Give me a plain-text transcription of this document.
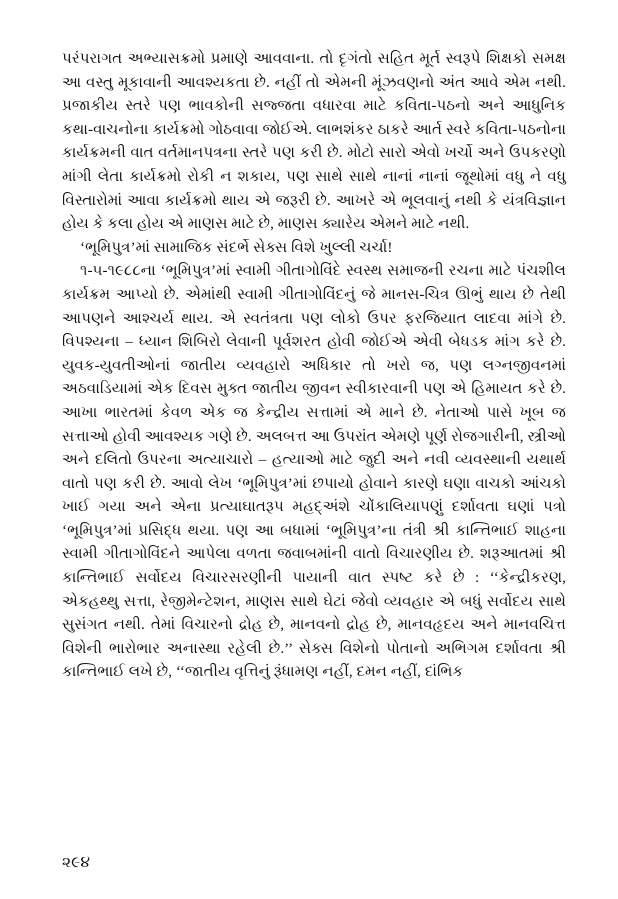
પરંપરાગત અભ્યાસક્રમો પ્રમાણે આવવાના. તો દૃગંતો સહિત મૂર્ત સ્વરૂપે શિક્ષકો સમક્ષ આ વસ્તુ મૂકાવાની આવશ્યકતા છે. નહીં તો એમની મૂંઝવણનો અંત આવે એમ નથી. પ્રજાકીય સ્તરે પણ ભાવકોની સજ્જતા વધારવા માટે કવિતા-પઠનો અને આધુનિક કથા-વાચનોના કાર્યક્રમો ગોઠવાવા જોઈએ. લાભશંકર ઠાકરે આર્ત સ્વરે કવિતા-પઠનોના કાર્યક્રમની વાત વર્તમાનપત્રના સ્તરે પણ કરી છે. મોટો સારો એવો ખર્ચો અને ઉપકરણો માંગી લેતા કાર્યક્રમો રોકી ન શકાય, પણ સાથે સાથે નાનાં નાનાં જૂથોમાં વધુ ને વધુ વિસ્તારોમાં આવા કાર્યક્રમો થાય એ જરૂરી છે. આખરે એ ભૂલવાનું નથી કે યંત્રવિજ્ઞાન હોય કે કલા હોય એ માણસ માટે છે, માણસ ક્યારેય એમને માટે નથી.

‘ભૂમિપુત્ર’માં સામાજિક સંદર્ભે સેક્સ વિશે ખુલ્લી ચર્ચા!

૧-૫-૧૯૮૮ના ‘ભૂમિપુત્ર’માં સ્વામી ગીતાગોવિંદે સ્વસ્થ સમાજની રચના માટે પંચશીલ કાર્યક્રમ આપ્યો છે. એમાંથી સ્વામી ગીતાગોવિંદનું જે માનસ-ચિત્ર ઊભું થાય છે તેથી આપણને આશ્ચર્ય થાય. એ સ્વતંત્રતા પણ લોકો ઉપર ફરજિયાત લાદવા માંગે છે. વિપશ્યના – ધ્યાન શિબિરો લેવાની પૂર્વશરત હોવી જોઈએ એવી બેધડક માંગ કરે છે. યુવક-યુવતીઓનાં જાતીય વ્યવહારો અધિકાર તો ખરો જ, પણ લગ્નજીવનમાં અઠવાડિયામાં એક દિવસ મુક્ત જાતીય જીવન સ્વીકારવાની પણ એ હિમાયત કરે છે. આખા ભારતમાં કેવળ એક જ કેન્દ્રીય સત્તામાં એ માને છે. નેતાઓ પાસે ખૂબ જ સત્તાઓ હોવી આવશ્યક ગણે છે. અલબત્ત આ ઉપરાંત એમણે પૂર્ણ રોજગારીની, સ્ત્રીઓ અને દલિતો ઉપરના અત્યાચારો – હત્યાઓ માટે જુદી અને નવી વ્યવસ્થાની યથાર્થ વાતો પણ કરી છે. આવો લેખ ‘ભૂમિપુત્ર’માં છપાયો હોવાને કારણે ઘણા વાચકો આંચકો ખાઈ ગયા અને એના પ્રત્યાઘાતરૂપ મહદ્અંશે ચોંકાલિયાપણું દર્શાવતા ઘણાં પત્રો ‘ભૂમિપુત્ર’માં પ્રસિદ્ધ થયા. પણ આ બધામાં ‘ભૂમિપુત્ર’ના તંત્રી શ્રી કાન્તિભાઈ શાહના સ્વામી ગીતાગોવિંદને આપેલા વળતા જવાબમાંની વાતો વિચારણીય છે. શરૂઆતમાં શ્રી કાન્તિભાઈ સર્વોદય વિચારસરણીની પાયાની વાત સ્પષ્ટ કરે છે : ‘‘કેન્દ્રીકરણ, એકહથ્થુ સત્તા, રેજીમેન્ટેશન, માણસ સાથે ઘેટાં જેવો વ્યવહાર એ બધું સર્વોદય સાથે સુસંગત નથી. તેમાં વિચારનો દ્રોહ છે, માનવનો દ્રોહ છે, માનવહૃદય અને માનવચિત્ત વિશેની ભારોભાર અનાસ્થા રહેલી છે.’’ સેક્સ વિશેનો પોતાનો અભિગમ દર્શાવતા શ્રી કાન્તિભાઈ લખે છે, ‘‘જાતીય વૃત્તિનું રૂંધામણ નહીં, દમન નહીં, દાંભિક

૨૯૪
